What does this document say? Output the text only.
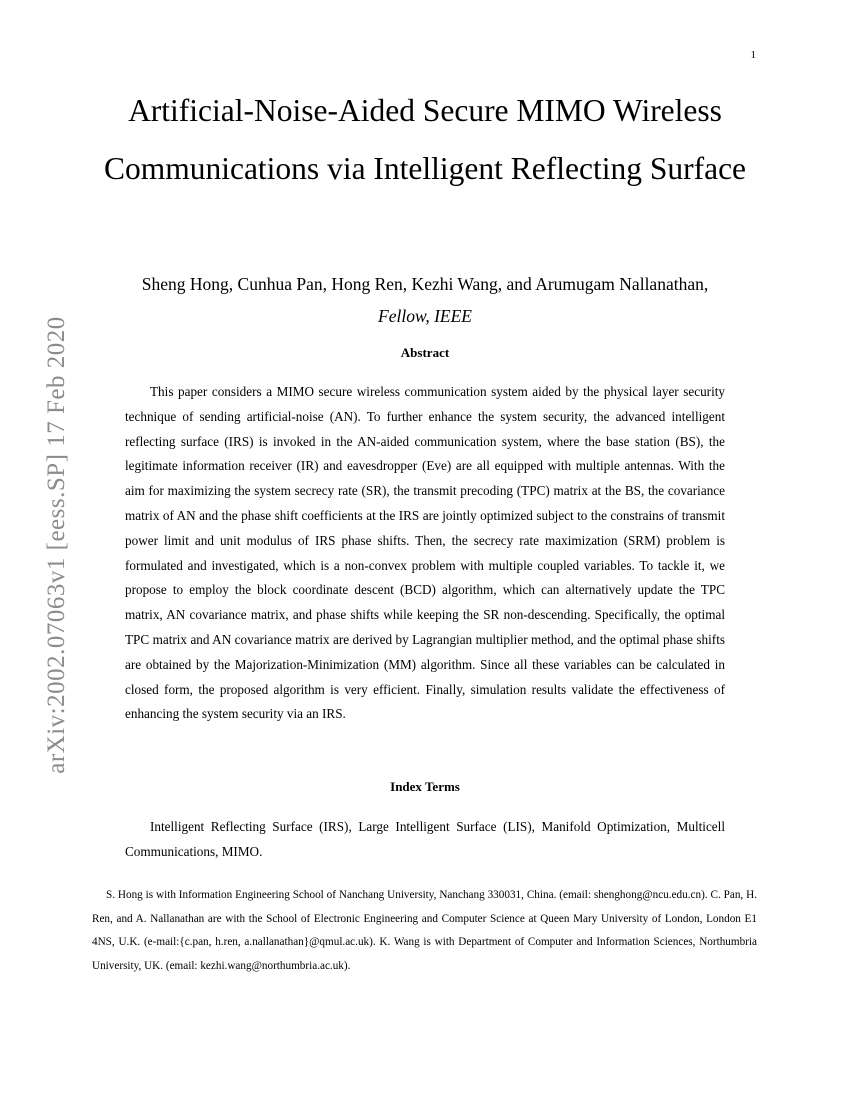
1
arXiv:2002.07063v1 [eess.SP] 17 Feb 2020
Artificial-Noise-Aided Secure MIMO Wireless Communications via Intelligent Reflecting Surface
Sheng Hong, Cunhua Pan, Hong Ren, Kezhi Wang, and Arumugam Nallanathan,
Fellow, IEEE
Abstract

This paper considers a MIMO secure wireless communication system aided by the physical layer security technique of sending artificial-noise (AN). To further enhance the system security, the advanced intelligent reflecting surface (IRS) is invoked in the AN-aided communication system, where the base station (BS), the legitimate information receiver (IR) and eavesdropper (Eve) are all equipped with multiple antennas. With the aim for maximizing the system secrecy rate (SR), the transmit precoding (TPC) matrix at the BS, the covariance matrix of AN and the phase shift coefficients at the IRS are jointly optimized subject to the constrains of transmit power limit and unit modulus of IRS phase shifts. Then, the secrecy rate maximization (SRM) problem is formulated and investigated, which is a non-convex problem with multiple coupled variables. To tackle it, we propose to employ the block coordinate descent (BCD) algorithm, which can alternatively update the TPC matrix, AN covariance matrix, and phase shifts while keeping the SR non-descending. Specifically, the optimal TPC matrix and AN covariance matrix are derived by Lagrangian multiplier method, and the optimal phase shifts are obtained by the Majorization-Minimization (MM) algorithm. Since all these variables can be calculated in closed form, the proposed algorithm is very efficient. Finally, simulation results validate the effectiveness of enhancing the system security via an IRS.

Index Terms

Intelligent Reflecting Surface (IRS), Large Intelligent Surface (LIS), Manifold Optimization, Multicell Communications, MIMO.

S. Hong is with Information Engineering School of Nanchang University, Nanchang 330031, China. (email: shenghong@ncu.edu.cn). C. Pan, H. Ren, and A. Nallanathan are with the School of Electronic Engineering and Computer Science at Queen Mary University of London, London E1 4NS, U.K. (e-mail:{c.pan, h.ren, a.nallanathan}@qmul.ac.uk). K. Wang is with Department of Computer and Information Sciences, Northumbria University, UK. (email: kezhi.wang@northumbria.ac.uk).
